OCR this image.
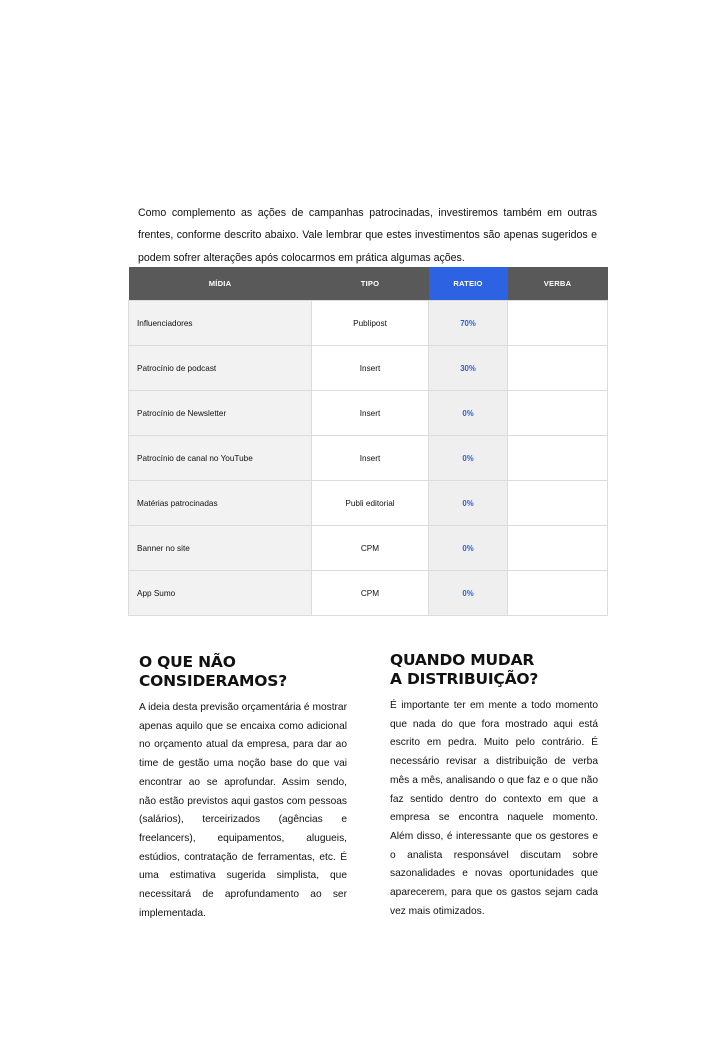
Como complemento as ações de campanhas patrocinadas, investiremos também em outras frentes, conforme descrito abaixo. Vale lembrar que estes investimentos são apenas sugeridos e podem sofrer alterações após colocarmos em prática algumas ações.

MÍDIA	TIPO	RATEIO	VERBA
Influenciadores	Publipost	70%	
Patrocínio de podcast	Insert	30%	
Patrocínio de Newsletter	Insert	0%	
Patrocínio de canal no YouTube	Insert	0%	
Matérias patrocinadas	Publi editorial	0%	
Banner no site	CPM	0%	
App Sumo	CPM	0%	
O QUE NÃO
CONSIDERAMOS?

A ideia desta previsão orçamentária é mostrar apenas aquilo que se encaixa como adicional no orçamento atual da empresa, para dar ao time de gestão uma noção base do que vai encontrar ao se aprofundar. Assim sendo, não estão previstos aqui gastos com pessoas (salários), terceirizados (agências e freelancers), equipamentos, alugueis, estúdios, contratação de ferramentas, etc. É uma estimativa sugerida simplista, que necessitará de aprofundamento ao ser implementada.

QUANDO MUDAR
A DISTRIBUIÇÃO?

É importante ter em mente a todo momento que nada do que fora mostrado aqui está escrito em pedra. Muito pelo contrário. É necessário revisar a distribuição de verba mês a mês, analisando o que faz e o que não faz sentido dentro do contexto em que a empresa se encontra naquele momento. Além disso, é interessante que os gestores e o analista responsável discutam sobre sazonalidades e novas oportunidades que aparecerem, para que os gastos sejam cada vez mais otimizados.
